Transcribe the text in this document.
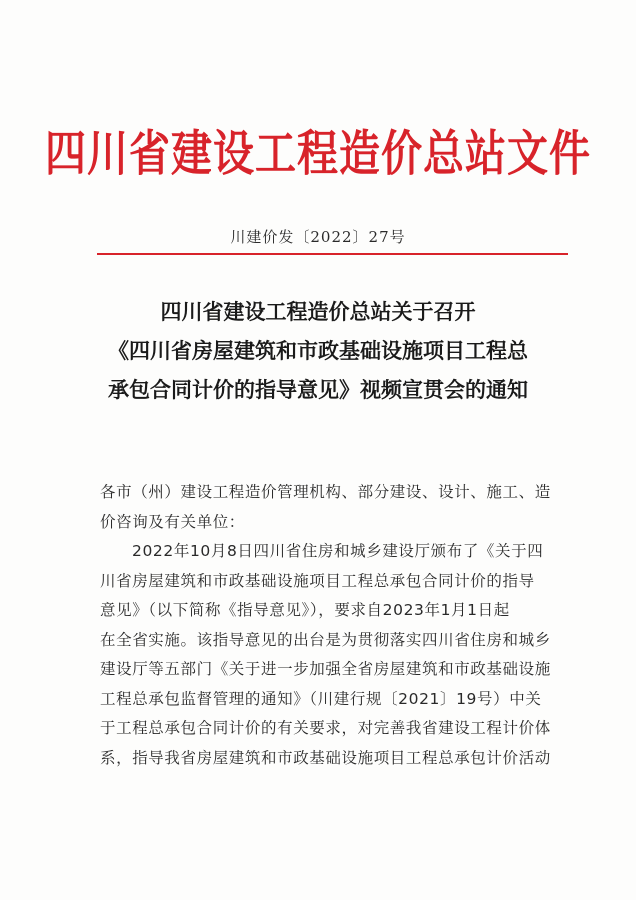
四川省建设工程造价总站文件
川建价发〔2022〕27号
四川省建设工程造价总站关于召开
《四川省房屋建筑和市政基础设施项目工程总
承包合同计价的指导意见》视频宣贯会的通知
各市（州）建设工程造价管理机构、部分建设、设计、施工、造
价咨询及有关单位：
2022年10月8日四川省住房和城乡建设厅颁布了《关于四
川省房屋建筑和市政基础设施项目工程总承包合同计价的指导
意见》（以下简称《指导意见》），要求自2023年1月1日起
在全省实施。该指导意见的出台是为贯彻落实四川省住房和城乡
建设厅等五部门《关于进一步加强全省房屋建筑和市政基础设施
工程总承包监督管理的通知》（川建行规〔2021〕19号）中关
于工程总承包合同计价的有关要求，对完善我省建设工程计价体
系，指导我省房屋建筑和市政基础设施项目工程总承包计价活动
